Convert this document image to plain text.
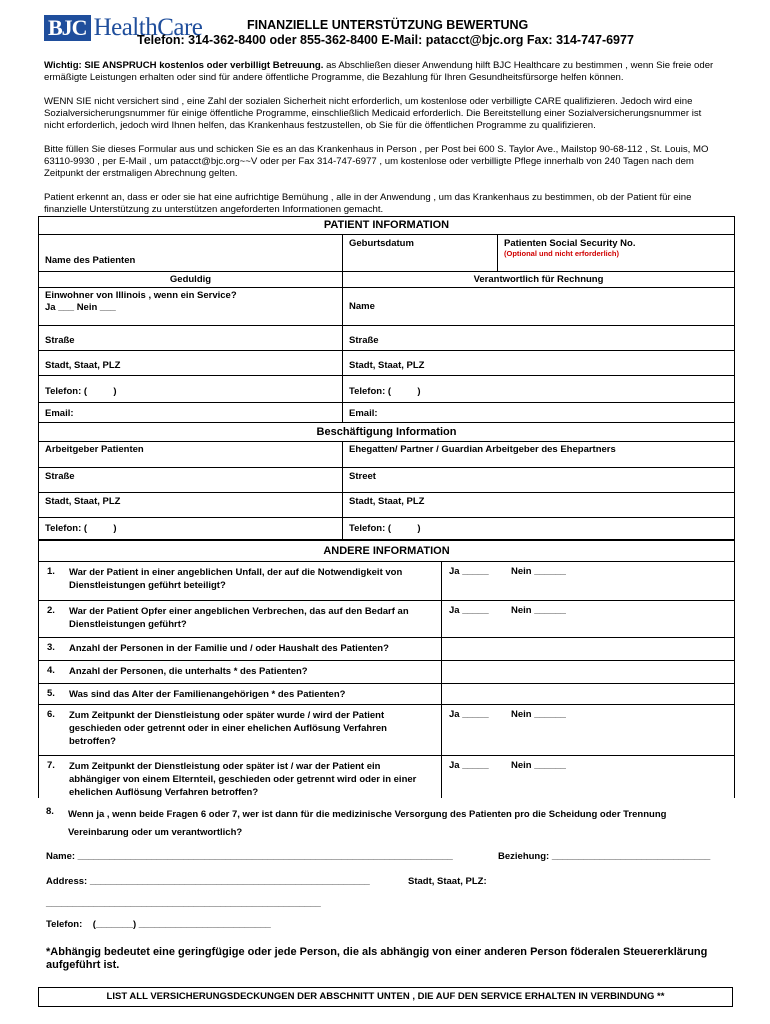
BJC HealthCare	FINANZIELLE UNTERSTÜTZUNG BEWERTUNG
Telefon: 314-362-8400 oder 855-362-8400 E-Mail: patacct@bjc.org Fax: 314-747-6977

Wichtig: SIE ANSPRUCH kostenlos oder verbilligt Betreuung. as Abschließen dieser Anwendung hilft BJC Healthcare zu bestimmen , wenn Sie freie oder ermäßigte Leistungen erhalten oder sind für andere öffentliche Programme, die Bezahlung für Ihren Gesundheitsfürsorge helfen können.

WENN SIE nicht versichert sind , eine Zahl der sozialen Sicherheit nicht erforderlich, um kostenlose oder verbilligte CARE qualifizieren. Jedoch wird eine Sozialversicherungsnummer für einige öffentliche Programme, einschließlich Medicaid erforderlich. Die Bereitstellung einer Sozialversicherungsnummer ist nicht erforderlich, jedoch wird Ihnen helfen, das Krankenhaus festzustellen, ob Sie für die öffentlichen Programme zu qualifizieren.

Bitte füllen Sie dieses Formular aus und schicken Sie es an das Krankenhaus in Person , per Post bei 600 S. Taylor Ave., Mailstop 90-68-112 , St. Louis, MO 63110-9930 , per E-Mail , um patacct@bjc.org~~V oder per Fax 314-747-6977 , um kostenlose oder verbilligte Pflege innerhalb von 240 Tagen nach dem Zeitpunkt der erstmaligen Abrechnung gelten.

Patient erkennt an, dass er oder sie hat eine aufrichtige Bemühung , alle in der Anwendung , um das Krankenhaus zu bestimmen, ob der Patient für eine finanzielle Unterstützung zu unterstützen angeforderten Informationen gemacht.

PATIENT INFORMATION
Name des Patienten
Geburtsdatum	Patienten Social Security No.
(Optional und nicht erforderlich)
Geduldig	Verantwortlich für Rechnung
Einwohner von Illinois , wenn ein Service?
Ja ___ Nein ___	Name
Straße	Straße
Stadt, Staat, PLZ	Stadt, Staat, PLZ
Telefon: (          )	Telefon: (          )
Email:	Email:
Beschäftigung Information
Arbeitgeber Patienten	Ehegatten/ Partner / Guardian Arbeitgeber des Ehepartners
Straße	Street
Stadt, Staat, PLZ	Stadt, Staat, PLZ
Telefon: (          )	Telefon: (          )
ANDERE INFORMATION
1. War der Patient in einer angeblichen Unfall, der auf die Notwendigkeit von Dienstleistungen geführt beteiligt?
Ja _____ Nein ______
2. War der Patient Opfer einer angeblichen Verbrechen, das auf den Bedarf an Dienstleistungen geführt?
Ja _____ Nein ______
3. Anzahl der Personen in der Familie und / oder Haushalt des Patienten?
4. Anzahl der Personen, die unterhalts * des Patienten?
5. Was sind das Alter der Familienangehörigen * des Patienten?
6. Zum Zeitpunkt der Dienstleistung oder später wurde / wird der Patient geschieden oder getrennt oder in einer ehelichen Auflösung Verfahren betroffen?
Ja _____ Nein ______
7. Zum Zeitpunkt der Dienstleistung oder später ist / war der Patient ein abhängiger von einem Elternteil, geschieden oder getrennt wird oder in einer ehelichen Auflösung Verfahren betroffen?
Ja _____ Nein ______
8. Wenn ja , wenn beide Fragen 6 oder 7, wer ist dann für die medizinische Versorgung des Patienten pro die Scheidung oder Trennung Vereinbarung oder um verantwortlich?
Name: _______________________________________________________________________	Beziehung: ______________________________
Address: _____________________________________________________	Stadt, Staat, PLZ:
____________________________________________________
Telefon:    (_______) _________________________
*Abhängig bedeutet eine geringfügige oder jede Person, die als abhängig von einer anderen Person föderalen Steuererklärung aufgeführt ist.
LIST ALL VERSICHERUNGSDECKUNGEN DER ABSCHNITT UNTEN , DIE AUF DEN SERVICE ERHALTEN IN VERBINDUNG **
